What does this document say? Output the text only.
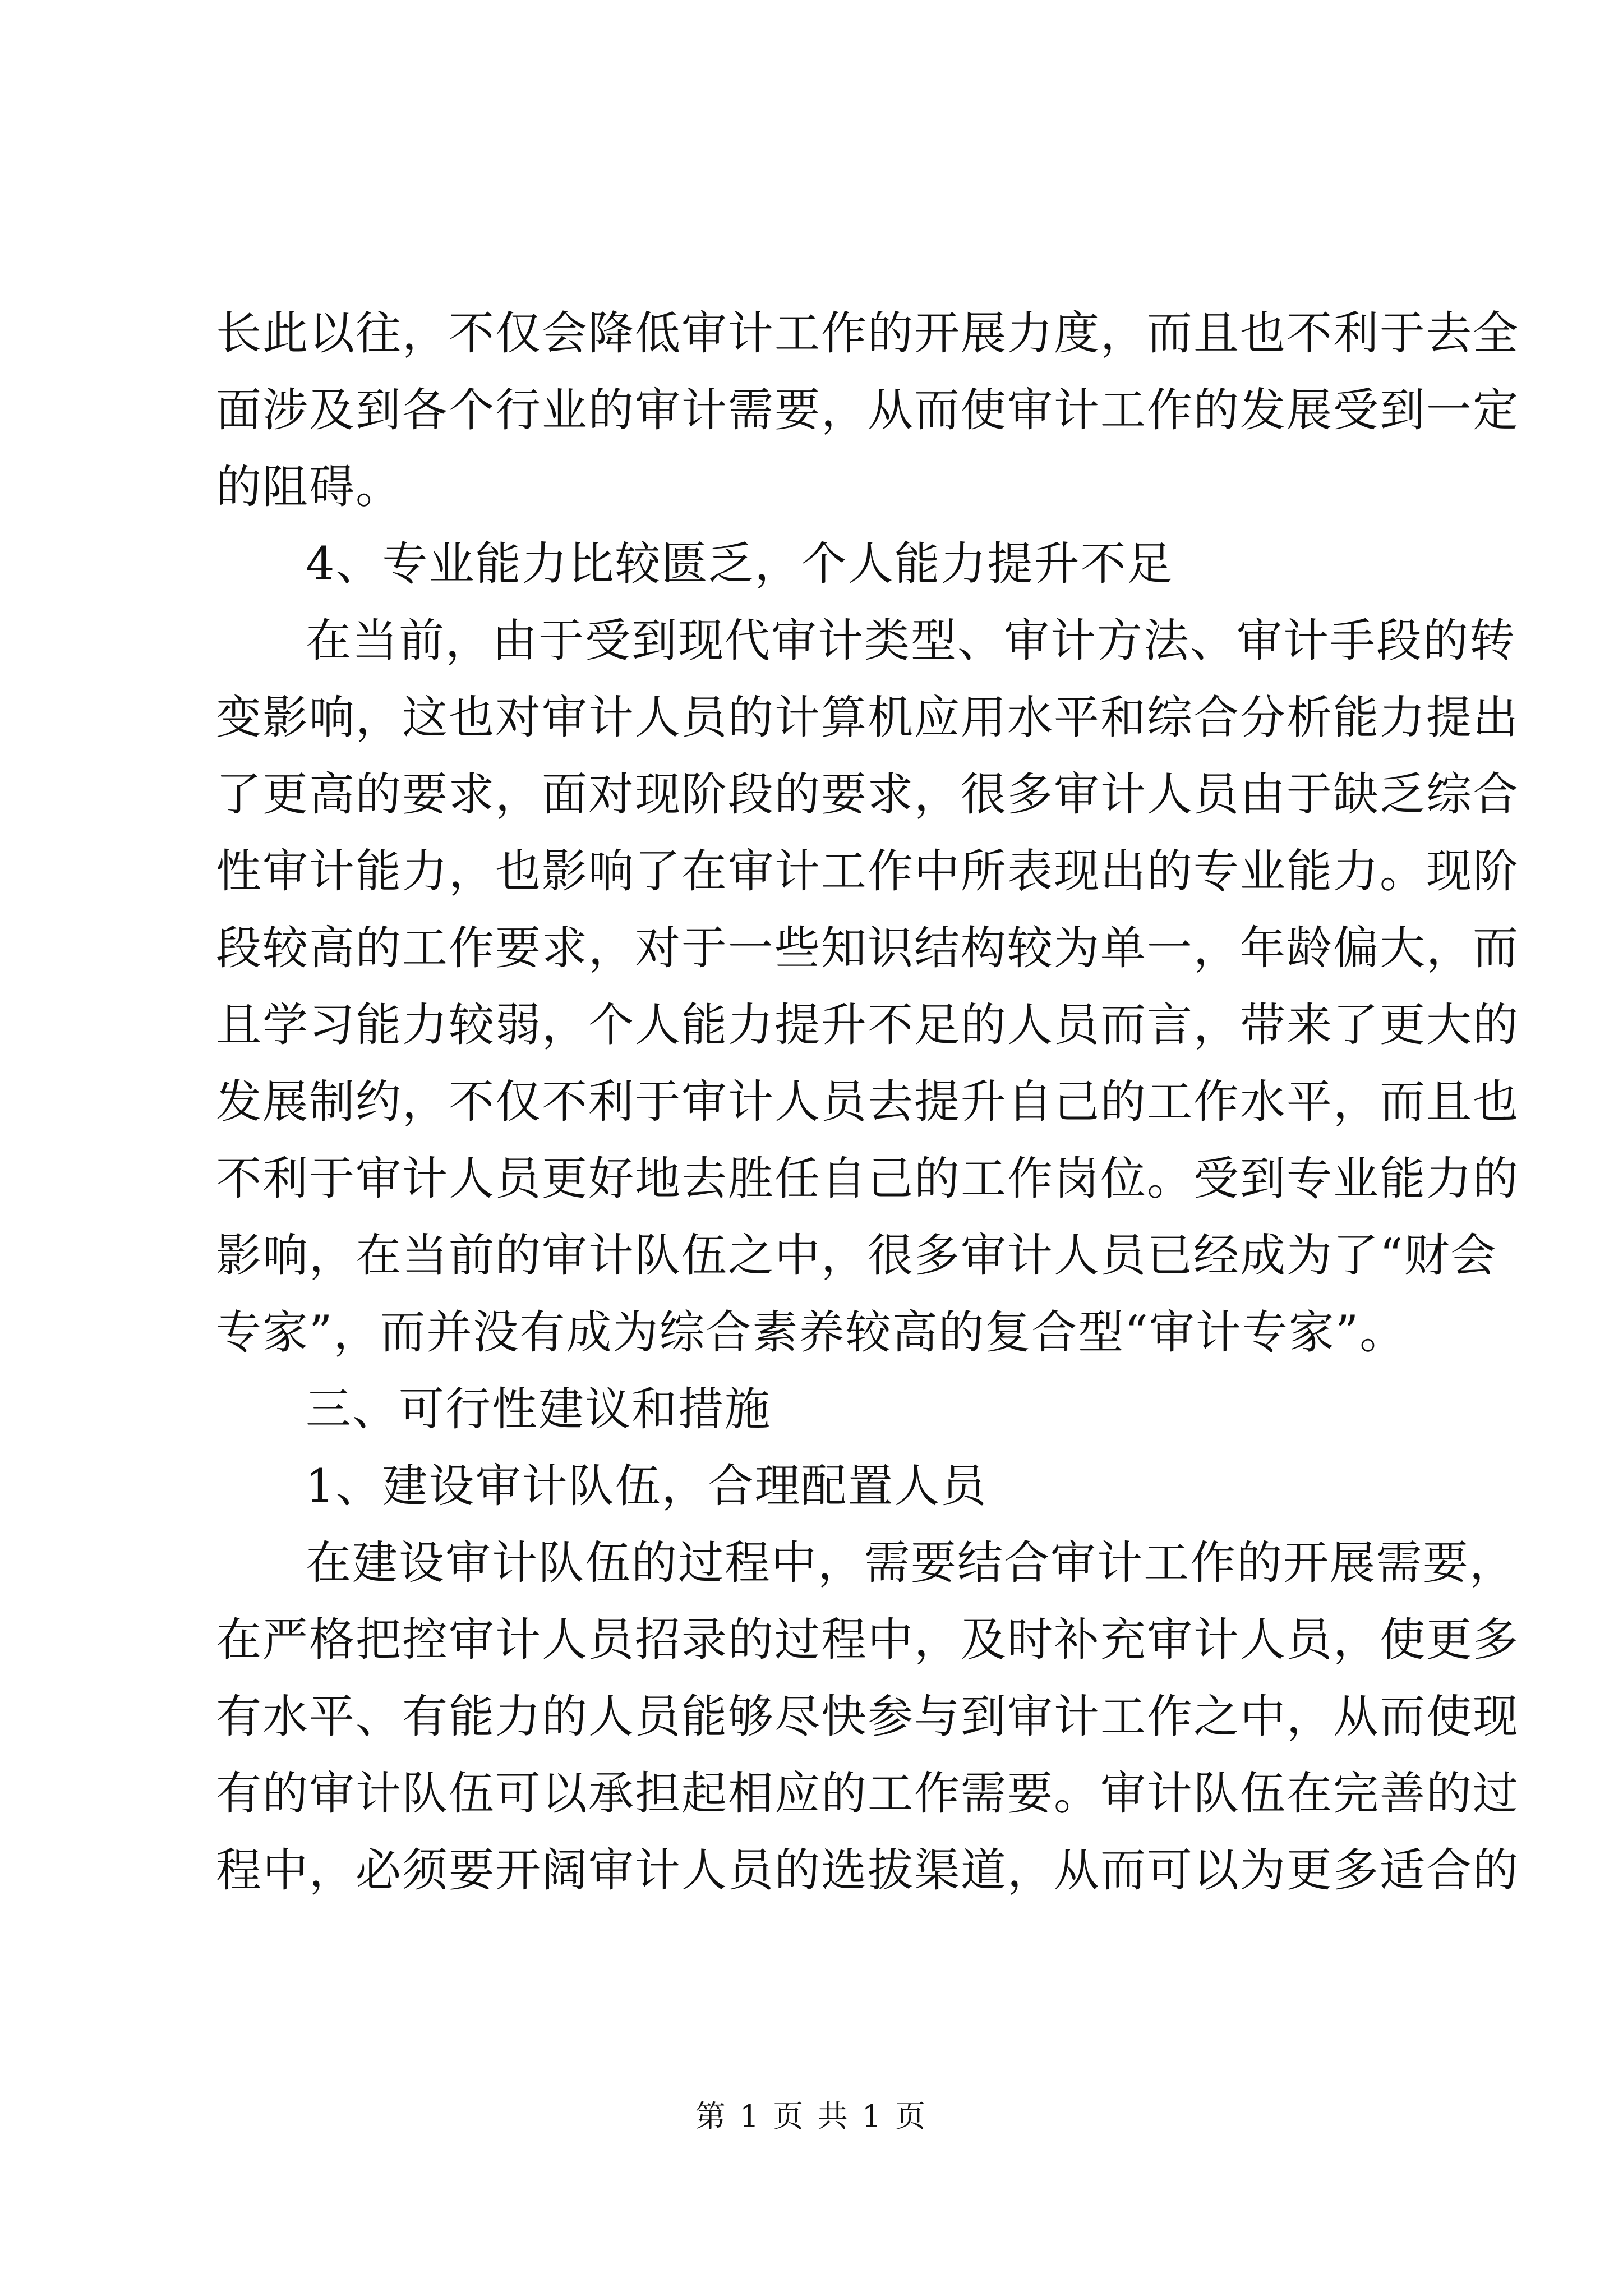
长此以往，不仅会降低审计工作的开展力度，而且也不利于去全
面涉及到各个行业的审计需要，从而使审计工作的发展受到一定
的阻碍。
4、专业能力比较匮乏，个人能力提升不足
在当前，由于受到现代审计类型、审计方法、审计手段的转
变影响，这也对审计人员的计算机应用水平和综合分析能力提出
了更高的要求，面对现阶段的要求，很多审计人员由于缺乏综合
性审计能力，也影响了在审计工作中所表现出的专业能力。现阶
段较高的工作要求，对于一些知识结构较为单一，年龄偏大，而
且学习能力较弱，个人能力提升不足的人员而言，带来了更大的
发展制约，不仅不利于审计人员去提升自己的工作水平，而且也
不利于审计人员更好地去胜任自己的工作岗位。受到专业能力的
影响，在当前的审计队伍之中，很多审计人员已经成为了“财会
专家”，而并没有成为综合素养较高的复合型“审计专家”。
三、可行性建议和措施
1、建设审计队伍，合理配置人员
在建设审计队伍的过程中，需要结合审计工作的开展需要，
在严格把控审计人员招录的过程中，及时补充审计人员，使更多
有水平、有能力的人员能够尽快参与到审计工作之中，从而使现
有的审计队伍可以承担起相应的工作需要。审计队伍在完善的过
程中，必须要开阔审计人员的选拔渠道，从而可以为更多适合的
第 1 页 共 1 页
